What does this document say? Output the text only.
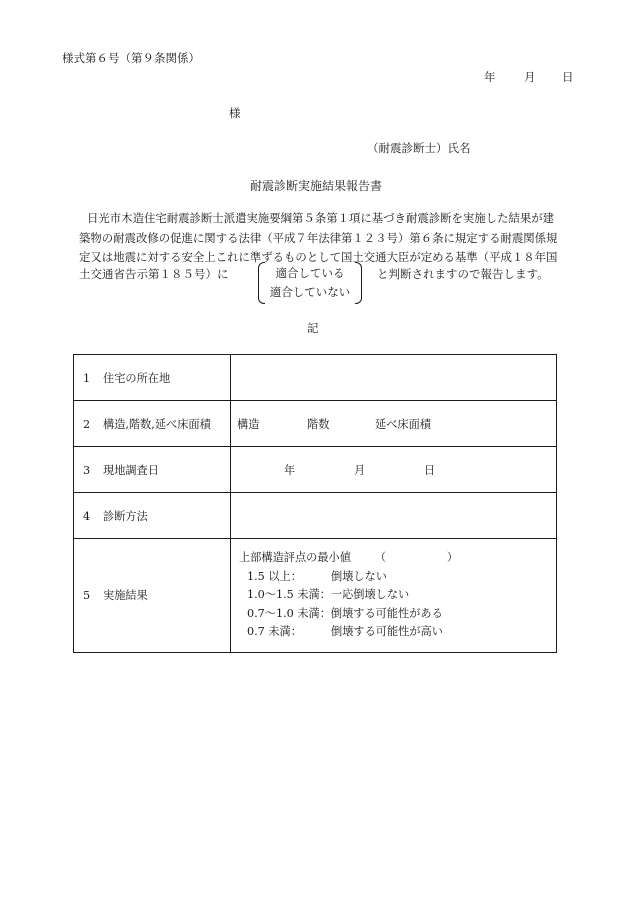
様式第６号（第９条関係）
年 月 日
様
（耐震診断士）氏名
耐震診断実施結果報告書
日光市木造住宅耐震診断士派遣実施要綱第５条第１項に基づき耐震診断を実施した結果が建
築物の耐震改修の促進に関する法律（平成７年法律第１２３号）第６条に規定する耐震関係規
定又は地震に対する安全上これに準ずるものとして国土交通大臣が定める基準（平成１８年国
土交通省告示第１８５号）に	適合している
適合していない
と判断されますので報告します。
記
1 住宅の所在地	
2 構造,階数,延べ床面積	構造 階数 延べ床面積
3 現地調査日	年 月 日
4 診断方法	
5 実施結果	上部構造評点の最小値 （ ）
1.5 以上： 倒壊しない
1.0〜1.5 未満：一応倒壊しない
0.7〜1.0 未満：倒壊する可能性がある
0.7 未満： 倒壊する可能性が高い
